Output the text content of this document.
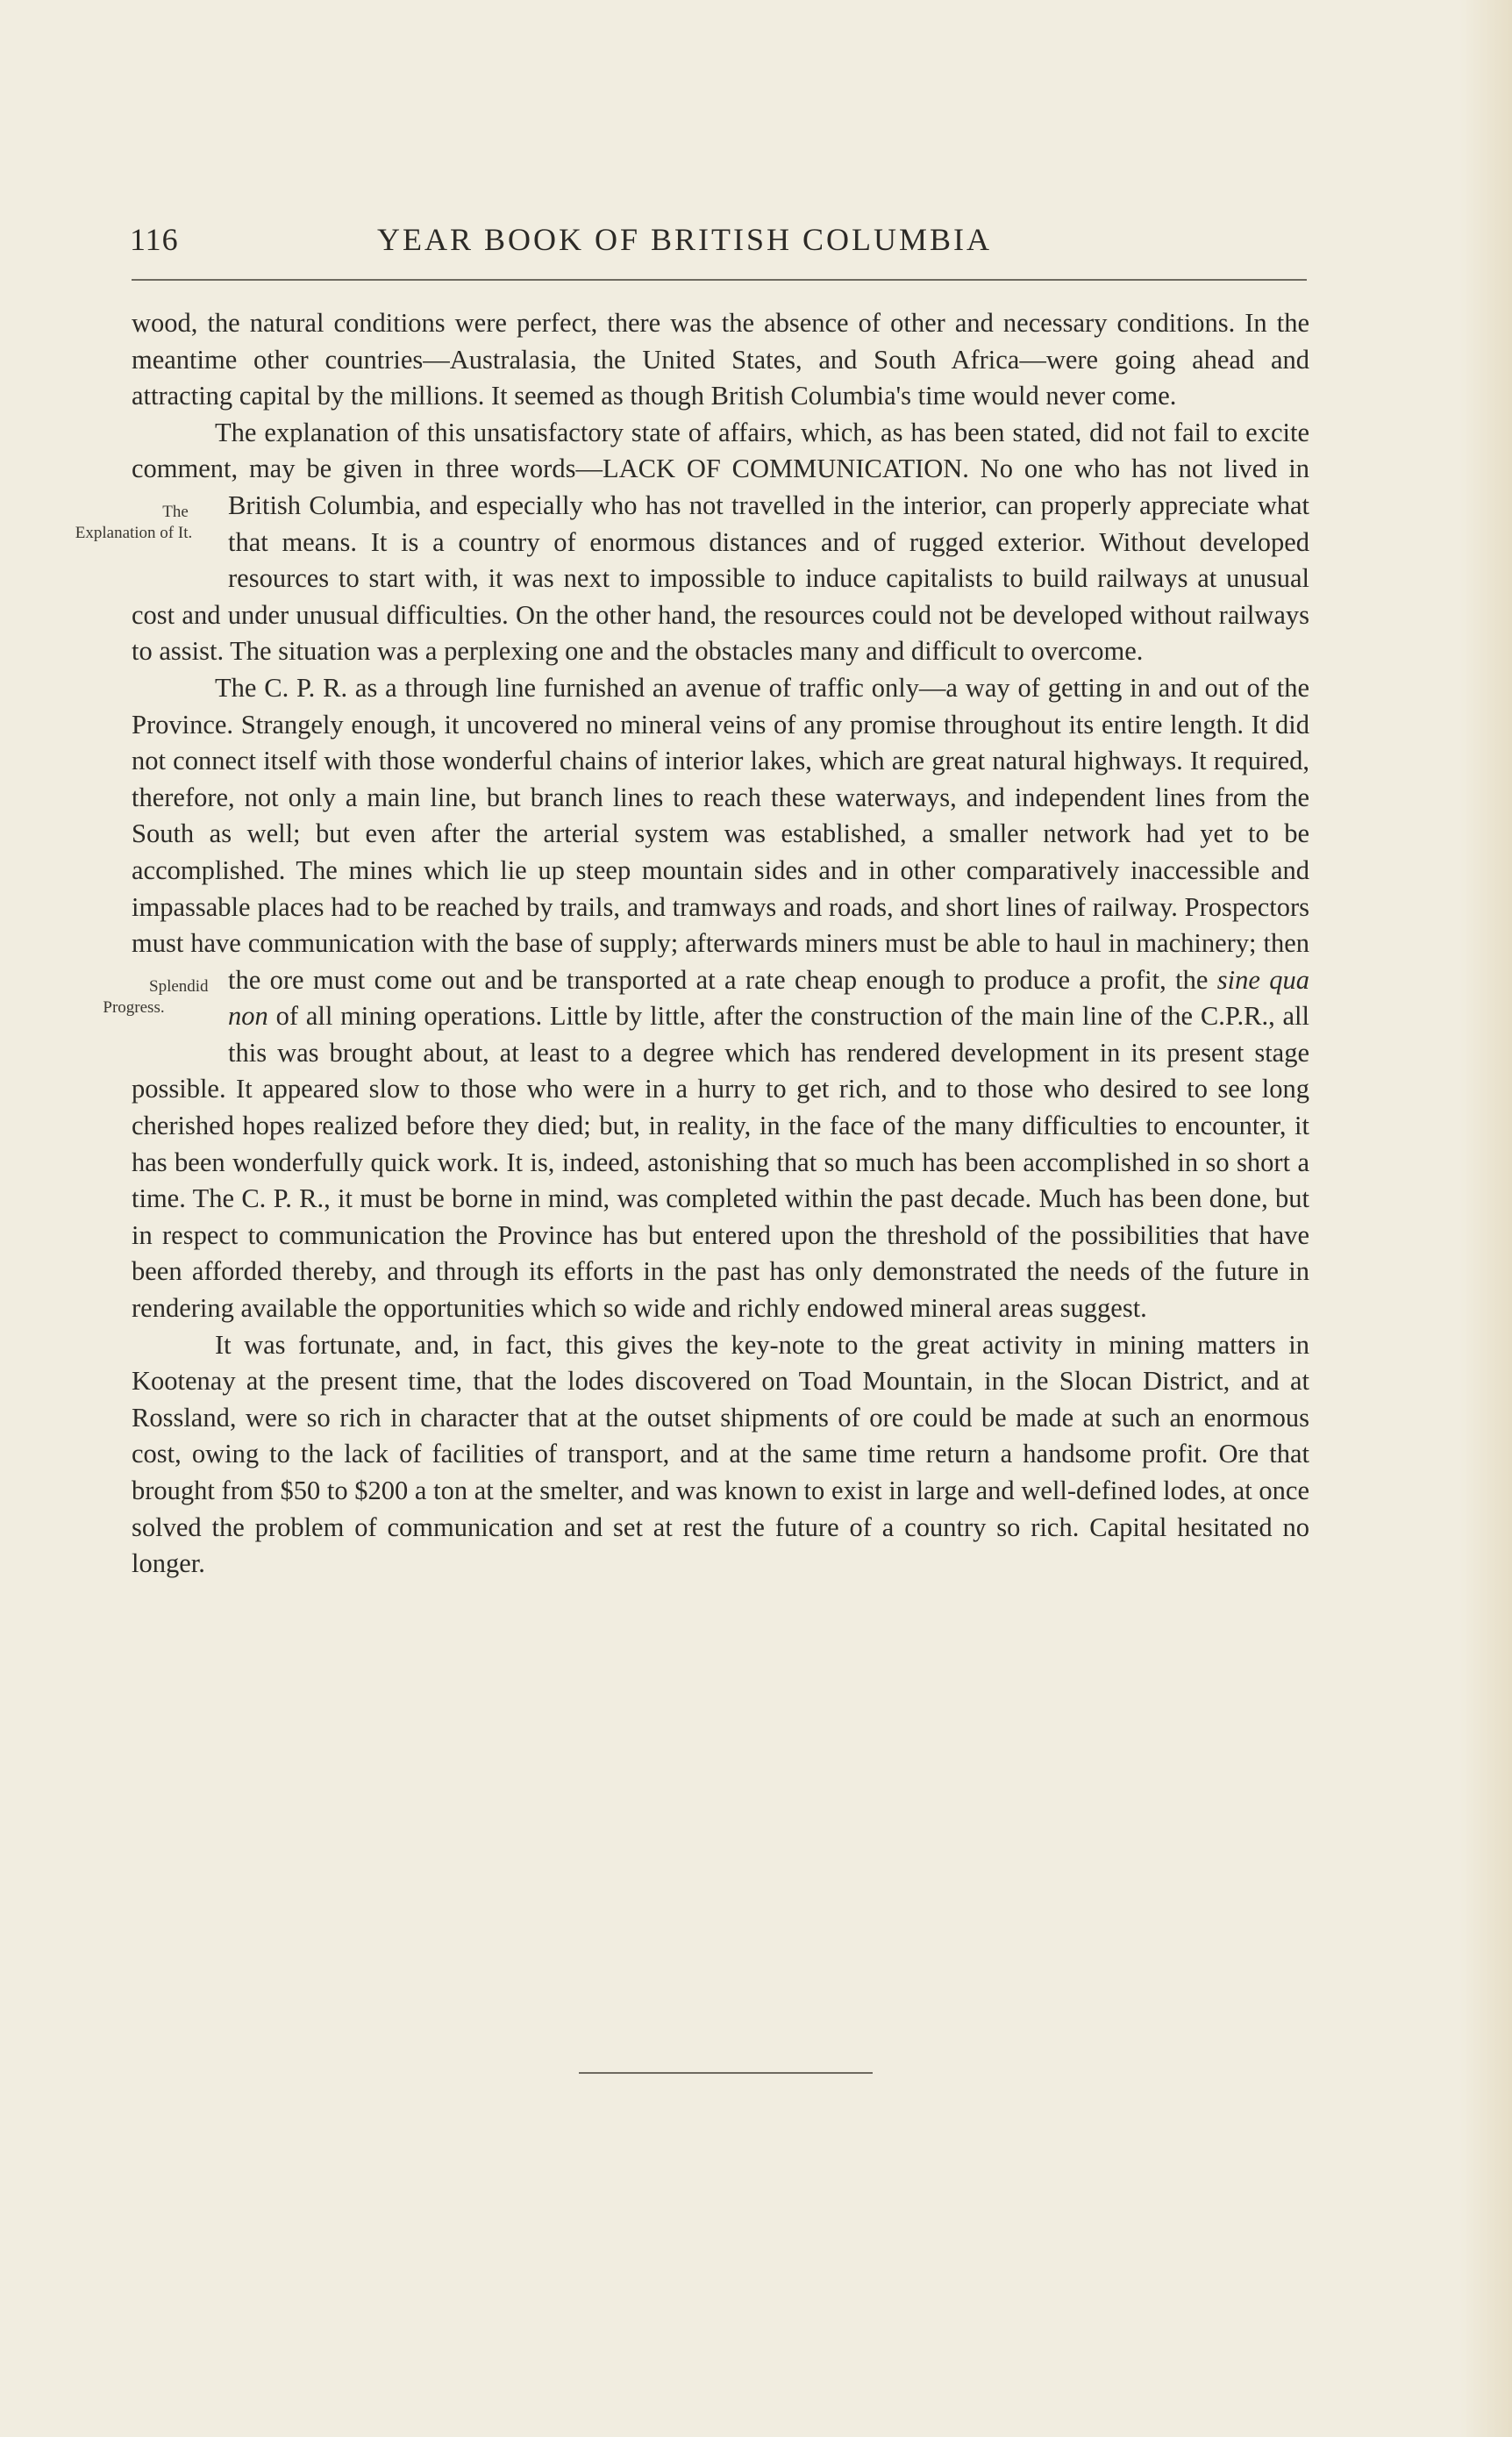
116	YEAR BOOK OF BRITISH COLUMBIA

wood, the natural conditions were perfect, there was the absence of other and necessary conditions. In the meantime other countries—Australasia, the United States, and South Africa—were going ahead and attracting capital by the millions. It seemed as though British Columbia's time would never come.

The explanation of this unsatisfactory state of affairs, which, as has been stated, did not fail to excite comment, may be given in three words—LACK OF COMMUNICATION. No one who has not lived in British Columbia, and especially who has not travelled in the interior, can properly appreciate what
The Explanation of It.	that means. It is a country of enormous distances and of rugged exterior. Without developed resources to start with, it was next to impossible to induce capitalists to build railways at unusual cost and under unusual difficulties. On the other hand, the resources could not be developed without railways to assist. The situation was a perplexing one and the obstacles many and difficult to overcome.

The C. P. R. as a through line furnished an avenue of traffic only—a way of getting in and out of the Province. Strangely enough, it uncovered no mineral veins of any promise throughout its entire length. It did not connect itself with those wonderful chains of interior lakes, which are great natural highways. It required, therefore, not only a main line, but branch lines to reach these waterways, and independent lines from the South as well; but even after the arterial system was established, a smaller network had yet to be accomplished. The mines which lie up steep mountain sides and in other comparatively inaccessible and impassable places had to be reached by trails, and tramways and roads, and short lines of railway. Prospectors must have communication with the base of supply; afterwards miners must be able to haul in machinery; then the ore must come out and be transported at a rate cheap enough to
Splendid Progress.
produce a profit, the sine qua non of all mining operations. Little by little, after the construction of the main line of the C.P.R., all this was brought about, at least to a degree which has rendered development in its present stage possible. It appeared slow to those who were in a hurry to get rich, and to those who desired to see long cherished hopes realized before they died; but, in reality, in the face of the many difficulties to encounter, it has been wonderfully quick work. It is, indeed, astonishing that so much has been accomplished in so short a time. The C. P. R., it must be borne in mind, was completed within the past decade. Much has been done, but in respect to communication the Province has but entered upon the threshold of the possibilities that have been afforded thereby, and through its efforts in the past has only demonstrated the needs of the future in rendering available the opportunities which so wide and richly endowed mineral areas suggest.

It was fortunate, and, in fact, this gives the key-note to the great activity in mining matters in Kootenay at the present time, that the lodes discovered on Toad Mountain, in the Slocan District, and at Rossland, were so rich in character that at the outset shipments of ore could be made at such an enormous cost, owing to the lack of facilities of transport, and at the same time return a handsome profit. Ore that brought from $50 to $200 a ton at the smelter, and was known to exist in large and well-defined lodes, at once solved the problem of communication and set at rest the future of a country so rich. Capital hesitated no longer.
